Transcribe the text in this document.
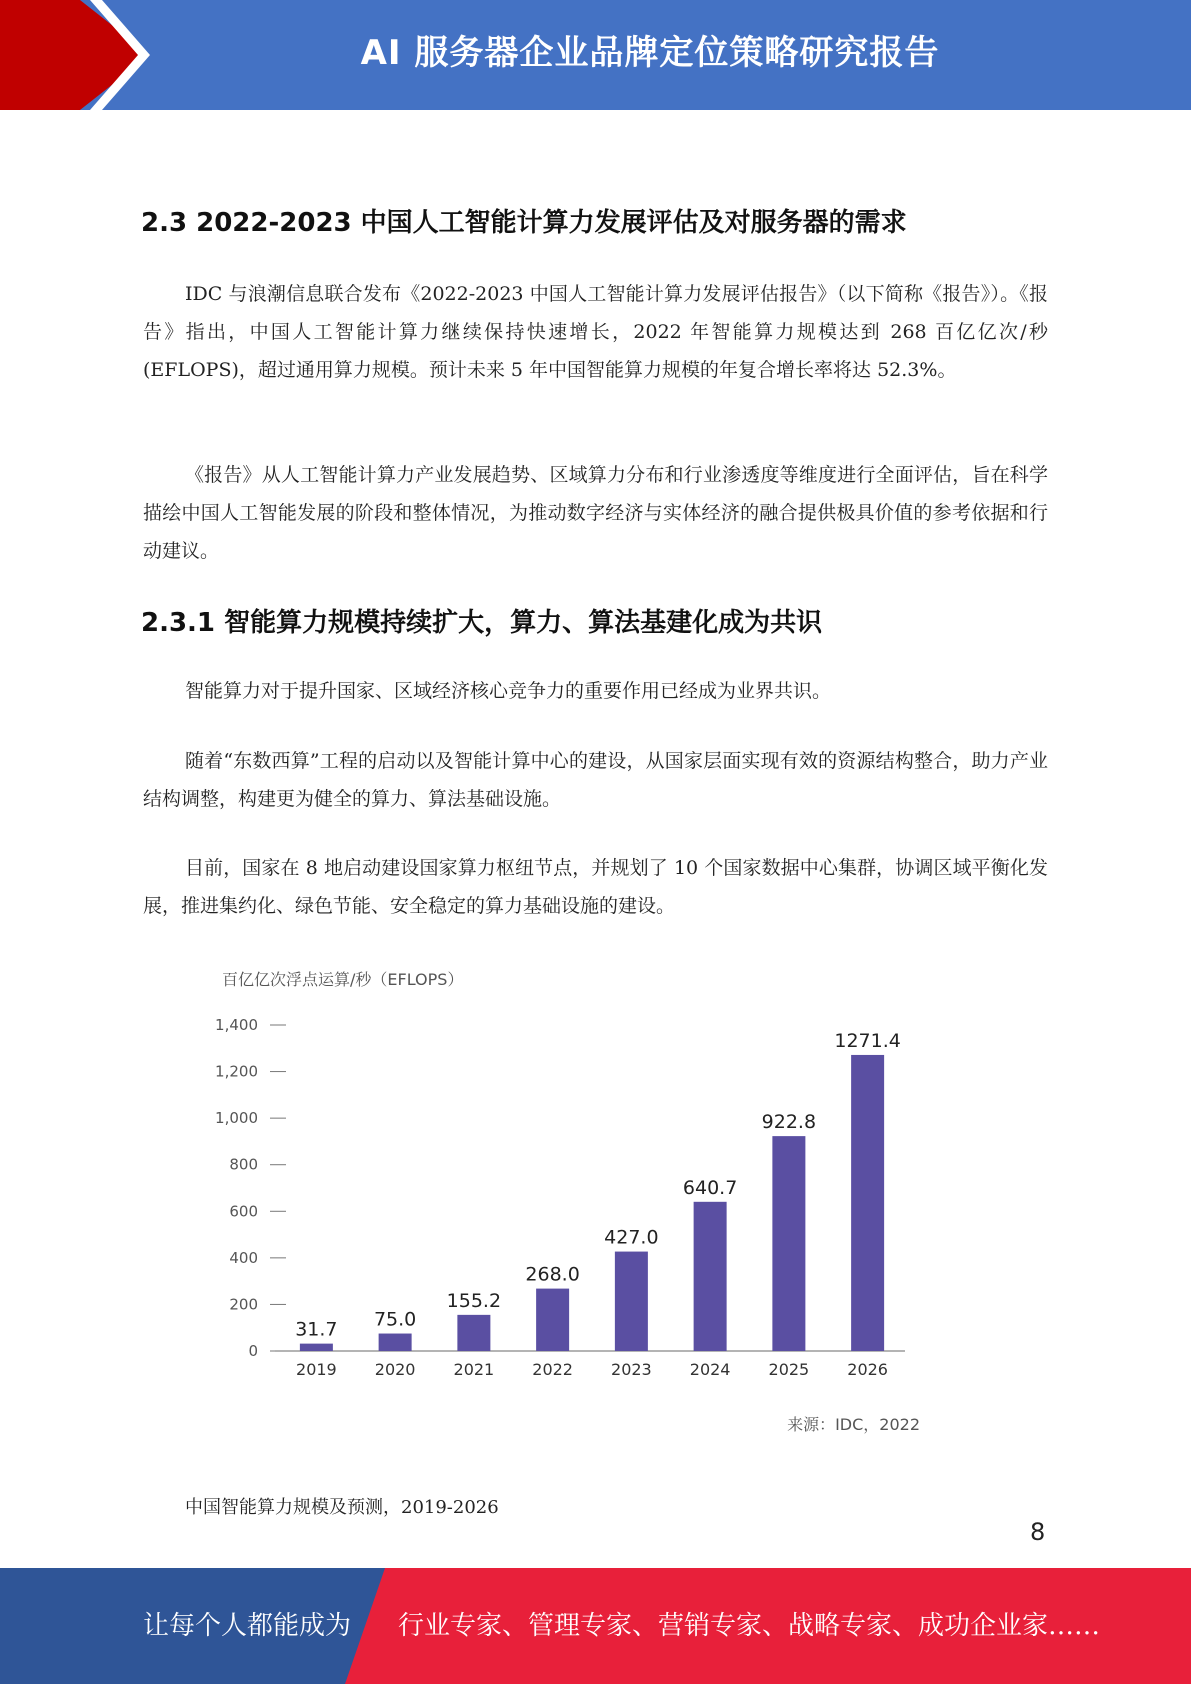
AI 服务器企业品牌定位策略研究报告
2.3 2022-2023 中国人工智能计算力发展评估及对服务器的需求
IDC 与浪潮信息联合发布《2022-2023 中国人工智能计算力发展评估报告》（以下简称《报告》）。《报告》指出，中国人工智能计算力继续保持快速增长，2022 年智能算力规模达到 268 百亿亿次/秒(EFLOPS)，超过通用算力规模。预计未来 5 年中国智能算力规模的年复合增长率将达 52.3%。
《报告》从人工智能计算力产业发展趋势、区域算力分布和行业渗透度等维度进行全面评估，旨在科学描绘中国人工智能发展的阶段和整体情况，为推动数字经济与实体经济的融合提供极具价值的参考依据和行动建议。
2.3.1 智能算力规模持续扩大，算力、算法基建化成为共识
智能算力对于提升国家、区域经济核心竞争力的重要作用已经成为业界共识。
随着“东数西算”工程的启动以及智能计算中心的建设，从国家层面实现有效的资源结构整合，助力产业结构调整，构建更为健全的算力、算法基础设施。
目前，国家在 8 地启动建设国家算力枢纽节点，并规划了 10 个国家数据中心集群，协调区域平衡化发展，推进集约化、绿色节能、安全稳定的算力基础设施的建设。
百亿亿次浮点运算/秒（EFLOPS）
0
200
400
600
800
1,000
1,200
1,400
31.7
2019
75.0
2020
155.2
2021
268.0
2022
427.0
2023
640.7
2024
922.8
2025
1271.4
2026
来源：IDC，2022
中国智能算力规模及预测，2019-2026
8
让每个人都能成为 行业专家、管理专家、营销专家、战略专家、成功企业家……
